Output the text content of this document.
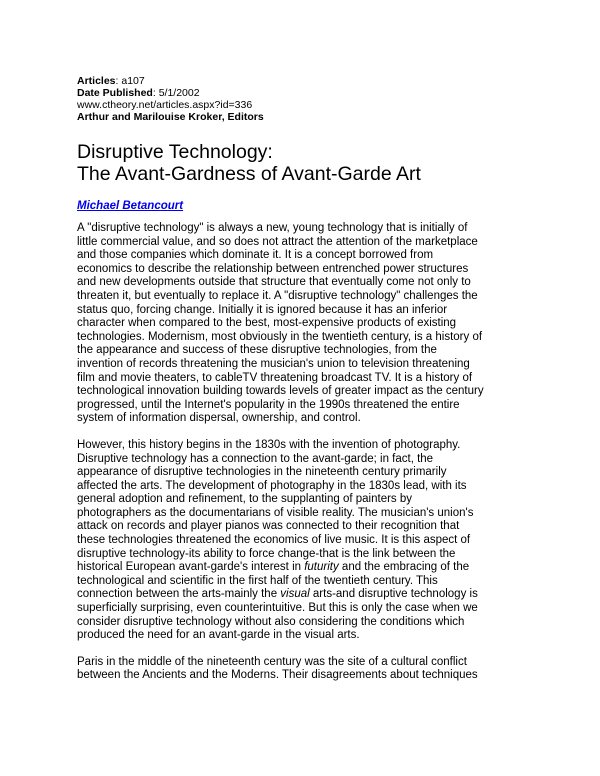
Articles: a107
Date Published: 5/1/2002
www.ctheory.net/articles.aspx?id=336
Arthur and Marilouise Kroker, Editors
Disruptive Technology:
The Avant-Gardness of Avant-Garde Art
Michael Betancourt

A "disruptive technology" is always a new, young technology that is initially of
little commercial value, and so does not attract the attention of the marketplace
and those companies which dominate it. It is a concept borrowed from
economics to describe the relationship between entrenched power structures
and new developments outside that structure that eventually come not only to
threaten it, but eventually to replace it. A "disruptive technology" challenges the
status quo, forcing change. Initially it is ignored because it has an inferior
character when compared to the best, most-expensive products of existing
technologies. Modernism, most obviously in the twentieth century, is a history of
the appearance and success of these disruptive technologies, from the
invention of records threatening the musician's union to television threatening
film and movie theaters, to cableTV threatening broadcast TV. It is a history of
technological innovation building towards levels of greater impact as the century
progressed, until the Internet's popularity in the 1990s threatened the entire
system of information dispersal, ownership, and control.

However, this history begins in the 1830s with the invention of photography.
Disruptive technology has a connection to the avant-garde; in fact, the
appearance of disruptive technologies in the nineteenth century primarily
affected the arts. The development of photography in the 1830s lead, with its
general adoption and refinement, to the supplanting of painters by
photographers as the documentarians of visible reality. The musician's union's
attack on records and player pianos was connected to their recognition that
these technologies threatened the economics of live music. It is this aspect of
disruptive technology-its ability to force change-that is the link between the
historical European avant-garde's interest in futurity and the embracing of the
technological and scientific in the first half of the twentieth century. This
connection between the arts-mainly the visual arts-and disruptive technology is
superficially surprising, even counterintuitive. But this is only the case when we
consider disruptive technology without also considering the conditions which
produced the need for an avant-garde in the visual arts.

Paris in the middle of the nineteenth century was the site of a cultural conflict
between the Ancients and the Moderns. Their disagreements about techniques
